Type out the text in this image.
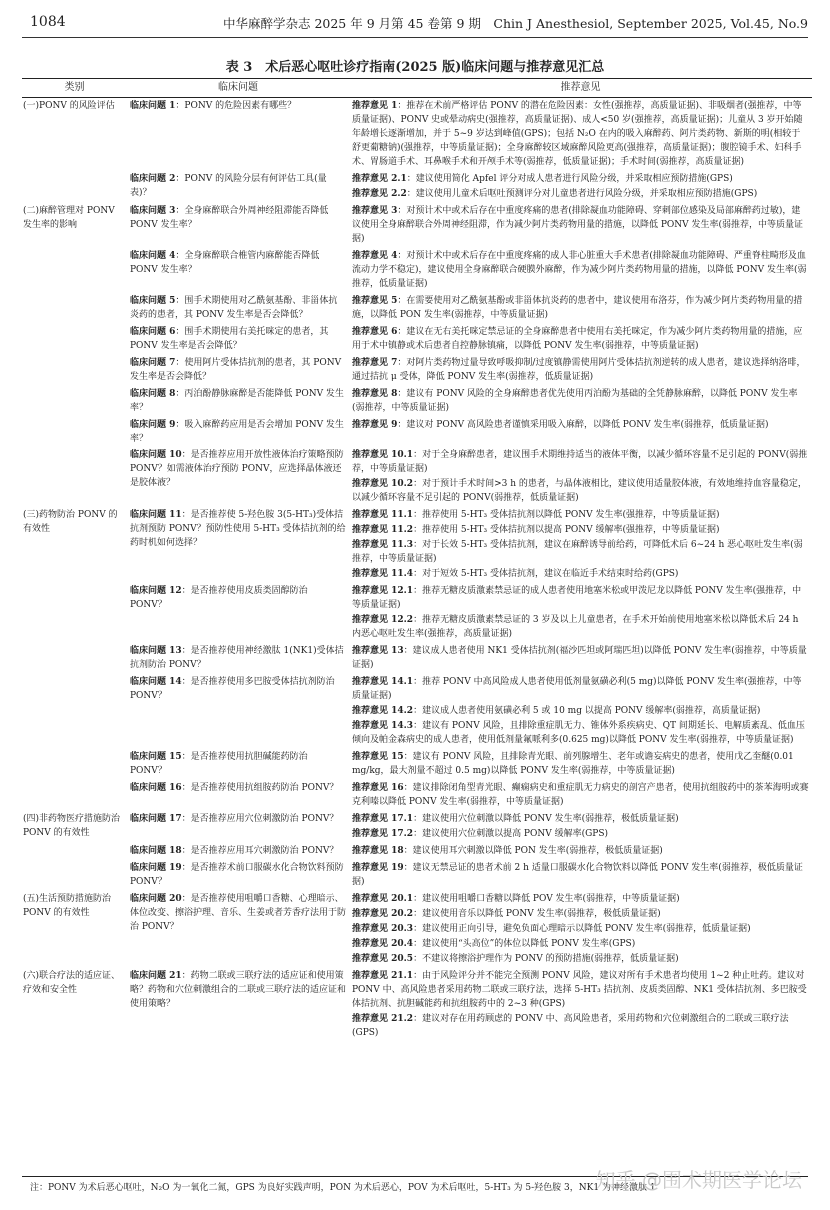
1084	中华麻醉学杂志 2025 年 9 月第 45 卷第 9 期　Chin J Anesthesiol, September 2025, Vol.45, No.9
表 3　术后恶心呕吐诊疗指南(2025 版)临床问题与推荐意见汇总
类别	临床问题	推荐意见
(一)PONV 的风险评估	临床问题 1：PONV 的危险因素有哪些？	推荐意见 1：推荐在术前严格评估 PONV 的潜在危险因素：女性(强推荐，高质量证据)、非吸烟者(强推荐，中等质量证据)、PONV 史或晕动病史(强推荐，高质量证据)、成人<50 岁(强推荐，高质量证据)；儿童从 3 岁开始随年龄增长逐渐增加，并于 5~9 岁达到峰值(GPS)；包括 N₂O 在内的吸入麻醉药、阿片类药物、新斯的明(相较于舒更葡糖钠)(强推荐，中等质量证据)；全身麻醉较区域麻醉风险更高(强推荐，高质量证据)；腹腔镜手术、妇科手术、胃肠道手术、耳鼻喉手术和开颅手术等(弱推荐，低质量证据)；手术时间(弱推荐，高质量证据)

	临床问题 2：PONV 的风险分层有何评估工具(量表)？	推荐意见 2.1：建议使用简化 Apfel 评分对成人患者进行风险分级，并采取相应预防措施(GPS)
推荐意见 2.2：建议使用儿童术后呕吐预测评分对儿童患者进行风险分级，并采取相应预防措施(GPS)

(二)麻醉管理对 PONV 发生率的影响	临床问题 3：全身麻醉联合外周神经阻滞能否降低 PONV 发生率？	推荐意见 3：对预计术中或术后存在中重度疼痛的患者(排除凝血功能障碍、穿刺部位感染及局部麻醉药过敏)，建议使用全身麻醉联合外周神经阻滞，作为减少阿片类药物用量的措施，以降低 PONV 发生率(弱推荐，中等质量证据)

	临床问题 4：全身麻醉联合椎管内麻醉能否降低 PONV 发生率？	推荐意见 4：对预计术中或术后存在中重度疼痛的成人非心脏重大手术患者(排除凝血功能障碍、严重脊柱畸形及血流动力学不稳定)，建议使用全身麻醉联合硬膜外麻醉，作为减少阿片类药物用量的措施，以降低 PONV 发生率(弱推荐，低质量证据)

	临床问题 5：围手术期使用对乙酰氨基酚、非甾体抗炎药的患者，其 PONV 发生率是否会降低？	推荐意见 5：在需要使用对乙酰氨基酚或非甾体抗炎药的患者中，建议使用布洛芬，作为减少阿片类药物用量的措施，以降低 PON 发生率(弱推荐，中等质量证据)

	临床问题 6：围手术期使用右美托咪定的患者，其 PONV 发生率是否会降低？	推荐意见 6：建议在无右美托咪定禁忌证的全身麻醉患者中使用右美托咪定，作为减少阿片类药物用量的措施，应用于术中镇静或术后患者自控静脉镇痛，以降低 PONV 发生率(弱推荐，中等质量证据)

	临床问题 7：使用阿片受体拮抗剂的患者，其 PONV 发生率是否会降低？	推荐意见 7：对阿片类药物过量导致呼吸抑制/过度镇静需使用阿片受体拮抗剂逆转的成人患者，建议选择纳洛啡，通过拮抗 μ 受体，降低 PONV 发生率(弱推荐，低质量证据)

	临床问题 8：丙泊酚静脉麻醉是否能降低 PONV 发生率？	推荐意见 8：建议有 PONV 风险的全身麻醉患者优先使用丙泊酚为基础的全凭静脉麻醉，以降低 PONV 发生率(弱推荐，中等质量证据)

	临床问题 9：吸入麻醉药应用是否会增加 PONV 发生率？	推荐意见 9：建议对 PONV 高风险患者谨慎采用吸入麻醉，以降低 PONV 发生率(弱推荐，低质量证据)

	临床问题 10：是否推荐应用开放性液体治疗策略预防 PONV？如需液体治疗预防 PONV，应选择晶体液还是胶体液？	推荐意见 10.1：对于全身麻醉患者，建议围手术期维持适当的液体平衡，以减少循环容量不足引起的 PONV(弱推荐，中等质量证据)
推荐意见 10.2：对于预计手术时间>3 h 的患者，与晶体液相比，建议使用适量胶体液，有效地维持血容量稳定，以减少循环容量不足引起的 PONV(弱推荐，低质量证据)

(三)药物防治 PONV 的有效性	临床问题 11：是否推荐使 5-羟色胺 3(5-HT₃)受体拮抗剂预防 PONV？预防性使用 5-HT₃ 受体拮抗剂的给药时机如何选择？	推荐意见 11.1：推荐使用 5-HT₃ 受体拮抗剂以降低 PONV 发生率(强推荐，中等质量证据)
推荐意见 11.2：推荐使用 5-HT₃ 受体拮抗剂以提高 PONV 缓解率(强推荐，中等质量证据)
推荐意见 11.3：对于长效 5-HT₃ 受体拮抗剂，建议在麻醉诱导前给药，可降低术后 6~24 h 恶心呕吐发生率(弱推荐，中等质量证据)
推荐意见 11.4：对于短效 5-HT₃ 受体拮抗剂，建议在临近手术结束时给药(GPS)

	临床问题 12：是否推荐使用皮质类固醇防治 PONV？	推荐意见 12.1：推荐无糖皮质激素禁忌证的成人患者使用地塞米松或甲泼尼龙以降低 PONV 发生率(强推荐，中等质量证据)
推荐意见 12.2：推荐无糖皮质激素禁忌证的 3 岁及以上儿童患者，在手术开始前使用地塞米松以降低术后 24 h 内恶心呕吐发生率(强推荐，高质量证据)

	临床问题 13：是否推荐使用神经激肽 1(NK1)受体拮抗剂防治 PONV？	推荐意见 13：建议成人患者使用 NK1 受体拮抗剂(福沙匹坦或阿瑞匹坦)以降低 PONV 发生率(弱推荐，中等质量证据)

	临床问题 14：是否推荐使用多巴胺受体拮抗剂防治 PONV？	推荐意见 14.1：推荐 PONV 中高风险成人患者使用低剂量氨磺必利(5 mg)以降低 PONV 发生率(强推荐，中等质量证据)
推荐意见 14.2：建议成人患者使用氨磺必利 5 或 10 mg 以提高 PONV 缓解率(弱推荐，高质量证据)
推荐意见 14.3：建议有 PONV 风险，且排除重症肌无力、锥体外系疾病史、QT 间期延长、电解质紊乱、低血压倾向及帕金森病史的成人患者，使用低剂量氟哌利多(0.625 mg)以降低 PONV 发生率(弱推荐，中等质量证据)

	临床问题 15：是否推荐使用抗胆碱能药防治 PONV？	推荐意见 15：建议有 PONV 风险，且排除青光眼、前列腺增生、老年或谵妄病史的患者，使用戊乙奎醚(0.01 mg/kg，最大剂量不超过 0.5 mg)以降低 PONV 发生率(弱推荐，中等质量证据)

	临床问题 16：是否推荐使用抗组胺药防治 PONV？	推荐意见 16：建议排除闭角型青光眼、癫痫病史和重症肌无力病史的剖宫产患者，使用抗组胺药中的茶苯海明或赛克利嗪以降低 PONV 发生率(弱推荐，中等质量证据)

(四)非药物医疗措施防治 PONV 的有效性	临床问题 17：是否推荐应用穴位刺激防治 PONV？	推荐意见 17.1：建议使用穴位刺激以降低 PONV 发生率(弱推荐，极低质量证据)
推荐意见 17.2：建议使用穴位刺激以提高 PONV 缓解率(GPS)

	临床问题 18：是否推荐应用耳穴刺激防治 PONV？	推荐意见 18：建议使用耳穴刺激以降低 PON 发生率(弱推荐，极低质量证据)

	临床问题 19：是否推荐术前口服碳水化合物饮料预防 PONV？	推荐意见 19：建议无禁忌证的患者术前 2 h 适量口服碳水化合物饮料以降低 PONV 发生率(弱推荐，极低质量证据)

(五)生活预防措施防治 PONV 的有效性	临床问题 20：是否推荐使用咀嚼口香糖、心理暗示、体位改变、擦浴护理、音乐、生姜或者芳香疗法用于防治 PONV？	推荐意见 20.1：建议使用咀嚼口香糖以降低 POV 发生率(弱推荐，中等质量证据)
推荐意见 20.2：建议使用音乐以降低 PONV 发生率(弱推荐，极低质量证据)
推荐意见 20.3：建议使用正向引导，避免负面心理暗示以降低 PONV 发生率(弱推荐，低质量证据)
推荐意见 20.4：建议使用“头高位”的体位以降低 PONV 发生率(GPS)
推荐意见 20.5：不建议将擦浴护理作为 PONV 的预防措施(弱推荐，低质量证据)

(六)联合疗法的适应证、疗效和安全性	临床问题 21：药物二联或三联疗法的适应证和使用策略？药物和穴位刺激组合的二联或三联疗法的适应证和使用策略？	推荐意见 21.1：由于风险评分并不能完全预测 PONV 风险，建议对所有手术患者均使用 1~2 种止吐药。建议对 PONV 中、高风险患者采用药物二联或三联疗法，选择 5-HT₃ 拮抗剂、皮质类固醇、NK1 受体拮抗剂、多巴胺受体拮抗剂、抗胆碱能药和抗组胺药中的 2~3 种(GPS)
推荐意见 21.2：建议对存在用药顾虑的 PONV 中、高风险患者，采用药物和穴位刺激组合的二联或三联疗法(GPS)
注：PONV 为术后恶心呕吐，N₂O 为一氧化二氮，GPS 为良好实践声明，PON 为术后恶心，POV 为术后呕吐，5-HT₃ 为 5-羟色胺 3，NK1 为神经激肽 1
知乎 @围术期医学论坛
